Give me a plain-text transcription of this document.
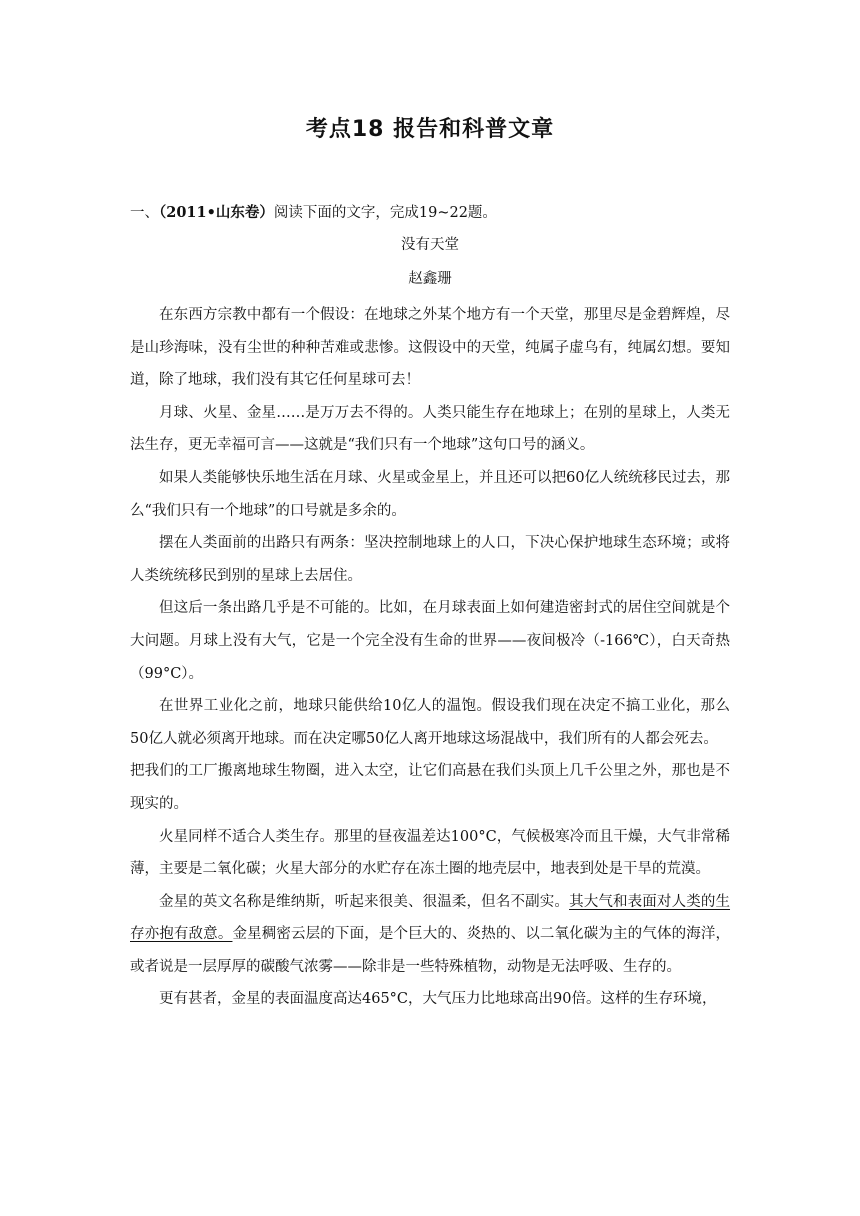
考点18 报告和科普文章
一、（2011•山东卷）阅读下面的文字，完成19~22题。
没有天堂
赵鑫珊

在东西方宗教中都有一个假设：在地球之外某个地方有一个天堂，那里尽是金碧辉煌，尽是山珍海味，没有尘世的种种苦难或悲惨。这假设中的天堂，纯属子虚乌有，纯属幻想。要知道，除了地球，我们没有其它任何星球可去！

月球、火星、金星……是万万去不得的。人类只能生存在地球上；在别的星球上，人类无法生存，更无幸福可言——这就是“我们只有一个地球”这句口号的涵义。

如果人类能够快乐地生活在月球、火星或金星上，并且还可以把60亿人统统移民过去，那么“我们只有一个地球”的口号就是多余的。

摆在人类面前的出路只有两条：坚决控制地球上的人口，下决心保护地球生态环境；或将人类统统移民到别的星球上去居住。

但这后一条出路几乎是不可能的。比如，在月球表面上如何建造密封式的居住空间就是个大问题。月球上没有大气，它是一个完全没有生命的世界——夜间极冷（-166℃），白天奇热（99°C）。

在世界工业化之前，地球只能供给10亿人的温饱。假设我们现在决定不搞工业化，那么50亿人就必须离开地球。而在决定哪50亿人离开地球这场混战中，我们所有的人都会死去。

把我们的工厂搬离地球生物圈，进入太空，让它们高悬在我们头顶上几千公里之外，那也是不现实的。

火星同样不适合人类生存。那里的昼夜温差达100°C，气候极寒冷而且干燥，大气非常稀薄，主要是二氧化碳；火星大部分的水贮存在冻土圈的地壳层中，地表到处是干旱的荒漠。

金星的英文名称是维纳斯，听起来很美、很温柔，但名不副实。其大气和表面对人类的生存亦抱有敌意。金星稠密云层的下面，是个巨大的、炎热的、以二氧化碳为主的气体的海洋，或者说是一层厚厚的碳酸气浓雾——除非是一些特殊植物，动物是无法呼吸、生存的。

更有甚者，金星的表面温度高达465°C，大气压力比地球高出90倍。这样的生存环境，
